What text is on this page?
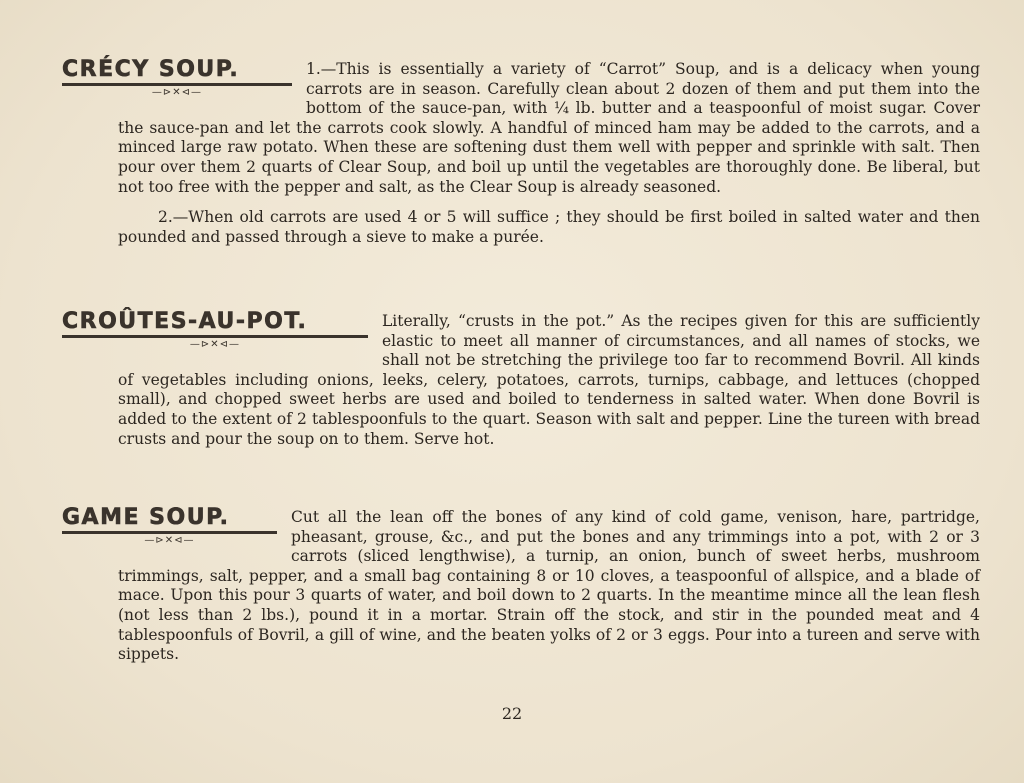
CRÉCY SOUP.
—⊳✕⊲—

1.—This is essentially a variety of “Carrot” Soup, and is a delicacy when young carrots are in season. Carefully clean about 2 dozen of them and put them into the bottom of the sauce-pan, with ¼ lb. butter and a teaspoonful of moist sugar. Cover the sauce-pan and let the carrots cook slowly. A handful of minced ham may be added to the carrots, and a minced large raw potato. When these are softening dust them well with pepper and sprinkle with salt. Then pour over them 2 quarts of Clear Soup, and boil up until the vegetables are thoroughly done. Be liberal, but not too free with the pepper and salt, as the Clear Soup is already seasoned.

2.—When old carrots are used 4 or 5 will suffice ; they should be first boiled in salted water and then pounded and passed through a sieve to make a purée.

CROÛTES-AU-POT.
—⊳✕⊲—

Literally, “crusts in the pot.” As the recipes given for this are sufficiently elastic to meet all manner of circumstances, and all names of stocks, we shall not be stretching the privilege too far to recommend Bovril. All kinds of vegetables including onions, leeks, celery, potatoes, carrots, turnips, cabbage, and lettuces (chopped small), and chopped sweet herbs are used and boiled to tenderness in salted water. When done Bovril is added to the extent of 2 tablespoonfuls to the quart. Season with salt and pepper. Line the tureen with bread crusts and pour the soup on to them. Serve hot.

GAME SOUP.
—⊳✕⊲—

Cut all the lean off the bones of any kind of cold game, venison, hare, partridge, pheasant, grouse, &c., and put the bones and any trimmings into a pot, with 2 or 3 carrots (sliced lengthwise), a turnip, an onion, bunch of sweet herbs, mushroom trimmings, salt, pepper, and a small bag containing 8 or 10 cloves, a teaspoonful of allspice, and a blade of mace. Upon this pour 3 quarts of water, and boil down to 2 quarts. In the meantime mince all the lean flesh (not less than 2 lbs.), pound it in a mortar. Strain off the stock, and stir in the pounded meat and 4 tablespoonfuls of Bovril, a gill of wine, and the beaten yolks of 2 or 3 eggs. Pour into a tureen and serve with sippets.

22
